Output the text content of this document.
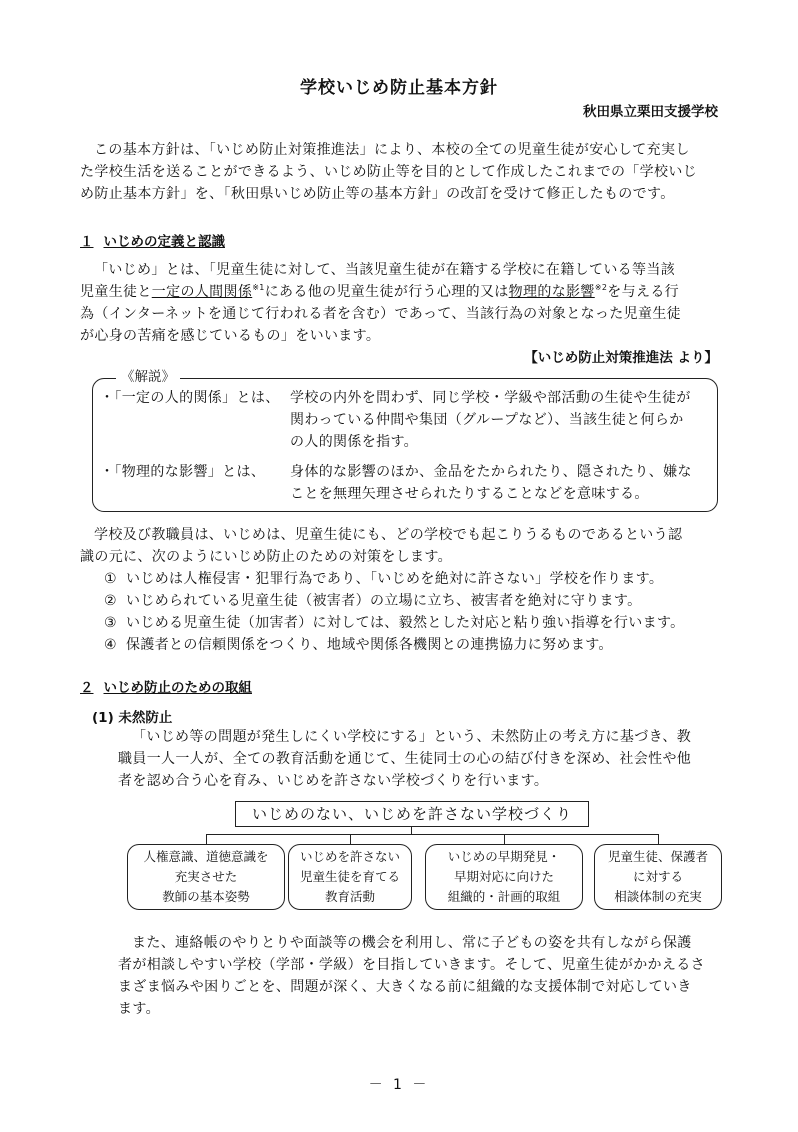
学校いじめ防止基本方針
秋田県立栗田支援学校
この基本方針は、「いじめ防止対策推進法」により、本校の全ての児童生徒が安心して充実し
た学校生活を送ることができるよう、いじめ防止等を目的として作成したこれまでの「学校いじ
め防止基本方針」を、「秋田県いじめ防止等の基本方針」の改訂を受けて修正したものです。
１ いじめの定義と認識
「いじめ」とは、「児童生徒に対して、当該児童生徒が在籍する学校に在籍している等当該
児童生徒と一定の人間関係$^{※1}$にある他の児童生徒が行う心理的又は物理的な影響$^{※2}$を与える行
為（インターネットを通じて行われる者を含む）であって、当該行為の対象となった児童生徒
が心身の苦痛を感じているもの」をいいます。
【いじめ防止対策推進法 より】
《解説》
・「一定の人的関係」とは、 学校の内外を問わず、同じ学校・学級や部活動の生徒や生徒が
関わっている仲間や集団（グループなど）、当該生徒と何らか
の人的関係を指す。
・「物理的な影響」とは、 身体的な影響のほか、金品をたかられたり、隠されたり、嫌な
ことを無理矢理させられたりすることなどを意味する。
学校及び教職員は、いじめは、児童生徒にも、どの学校でも起こりうるものであるという認
識の元に、次のようにいじめ防止のための対策をします。
① いじめは人権侵害・犯罪行為であり、「いじめを絶対に許さない」学校を作ります。
② いじめられている児童生徒（被害者）の立場に立ち、被害者を絶対に守ります。
③ いじめる児童生徒（加害者）に対しては、毅然とした対応と粘り強い指導を行います。
④ 保護者との信頼関係をつくり、地域や関係各機関との連携協力に努めます。
２ いじめ防止のための取組
(1) 未然防止
「いじめ等の問題が発生しにくい学校にする」という、未然防止の考え方に基づき、教
職員一人一人が、全ての教育活動を通じて、生徒同士の心の結び付きを深め、社会性や他
者を認め合う心を育み、いじめを許さない学校づくりを行います。
いじめのない、いじめを許さない学校づくり
人権意識、道徳意識を
充実させた
教師の基本姿勢
いじめを許さない
児童生徒を育てる
教育活動
いじめの早期発見・
早期対応に向けた
組織的・計画的取組
児童生徒、保護者
に対する
相談体制の充実
また、連絡帳のやりとりや面談等の機会を利用し、常に子どもの姿を共有しながら保護
者が相談しやすい学校（学部・学級）を目指していきます。そして、児童生徒がかかえるさ
まざま悩みや困りごとを、問題が深く、大きくなる前に組織的な支援体制で対応していき
ます。
－ 1 －
